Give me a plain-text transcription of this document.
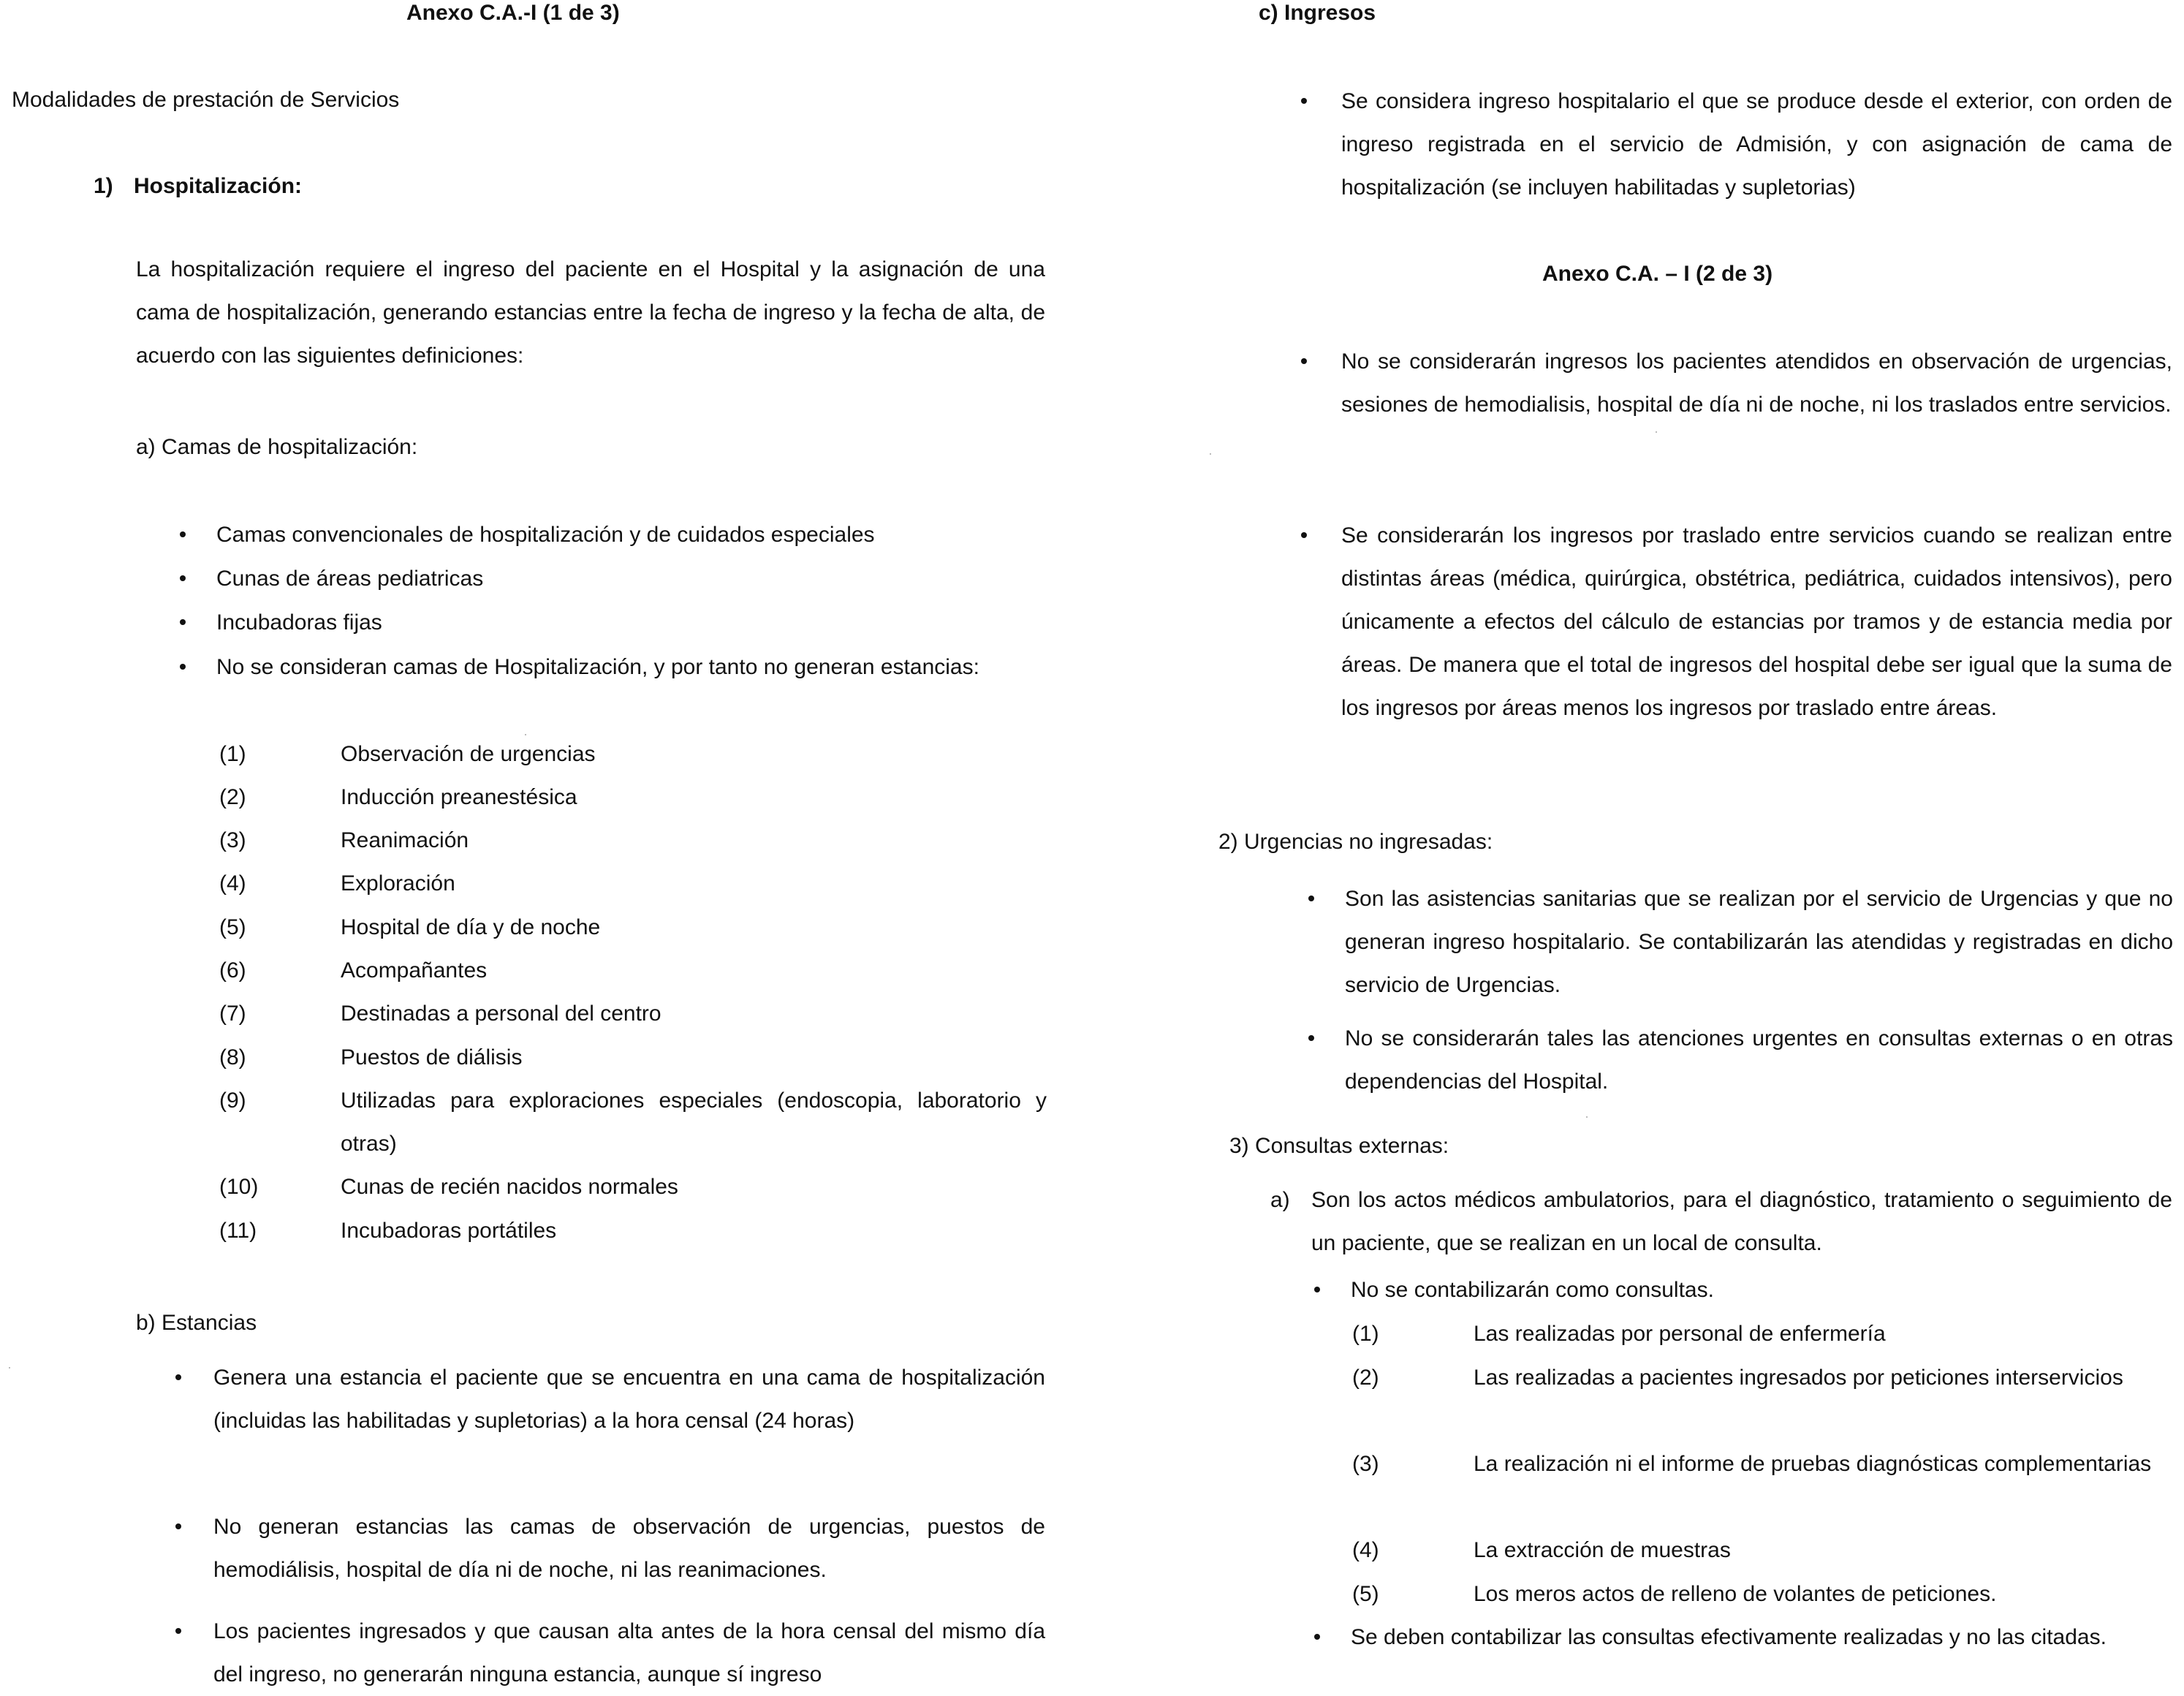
Anexo C.A.-I (1 de 3)
Modalidades de prestación de Servicios
1) Hospitalización:
La hospitalización requiere el ingreso del paciente en el Hospital y la asignación de una cama de hospitalización, generando estancias entre la fecha de ingreso y la fecha de alta, de acuerdo con las siguientes definiciones:
a) Camas de hospitalización:
Camas convencionales de hospitalización y de cuidados especiales
Cunas de áreas pediatricas
Incubadoras fijas
No se consideran camas de Hospitalización, y por tanto no generan estancias:
(1)	Observación de urgencias
(2)	Inducción preanestésica
(3)	Reanimación
(4)	Exploración
(5)	Hospital de día y de noche
(6)	Acompañantes
(7)	Destinadas a personal del centro
(8)	Puestos de diálisis
(9)	Utilizadas para exploraciones especiales (endoscopia, laboratorio y otras)
(10)	Cunas de recién nacidos normales
(11)	Incubadoras portátiles
b) Estancias
Genera una estancia el paciente que se encuentra en una cama de hospitalización (incluidas las habilitadas y supletorias) a la hora censal (24 horas)
No generan estancias las camas de observación de urgencias, puestos de hemodiálisis, hospital de día ni de noche, ni las reanimaciones.
Los pacientes ingresados y que causan alta antes de la hora censal del mismo día del ingreso, no generarán ninguna estancia, aunque sí ingreso
c) Ingresos
Se considera ingreso hospitalario el que se produce desde el exterior, con orden de ingreso registrada en el servicio de Admisión, y con asignación de cama de hospitalización (se incluyen habilitadas y supletorias)
Anexo C.A. – I (2 de 3)
No se considerarán ingresos los pacientes atendidos en observación de urgencias, sesiones de hemodialisis, hospital de día ni de noche, ni los traslados entre servicios.
Se considerarán los ingresos por traslado entre servicios cuando se realizan entre distintas áreas (médica, quirúrgica, obstétrica, pediátrica, cuidados intensivos), pero únicamente a efectos del cálculo de estancias por tramos y de estancia media por áreas. De manera que el total de ingresos del hospital debe ser igual que la suma de los ingresos por áreas menos los ingresos por traslado entre áreas.
2) Urgencias no ingresadas:
Son las asistencias sanitarias que se realizan por el servicio de Urgencias y que no generan ingreso hospitalario. Se contabilizarán las atendidas y registradas en dicho servicio de Urgencias.
No se considerarán tales las atenciones urgentes en consultas externas o en otras dependencias del Hospital.
3) Consultas externas:
a) Son los actos médicos ambulatorios, para el diagnóstico, tratamiento o seguimiento de un paciente, que se realizan en un local de consulta.
No se contabilizarán como consultas.
(1)	Las realizadas por personal de enfermería
(2)	Las realizadas a pacientes ingresados por peticiones interservicios
(3)	La realización ni el informe de pruebas diagnósticas complementarias
(4)	La extracción de muestras
(5)	Los meros actos de relleno de volantes de peticiones.
Se deben contabilizar las consultas efectivamente realizadas y no las citadas.
